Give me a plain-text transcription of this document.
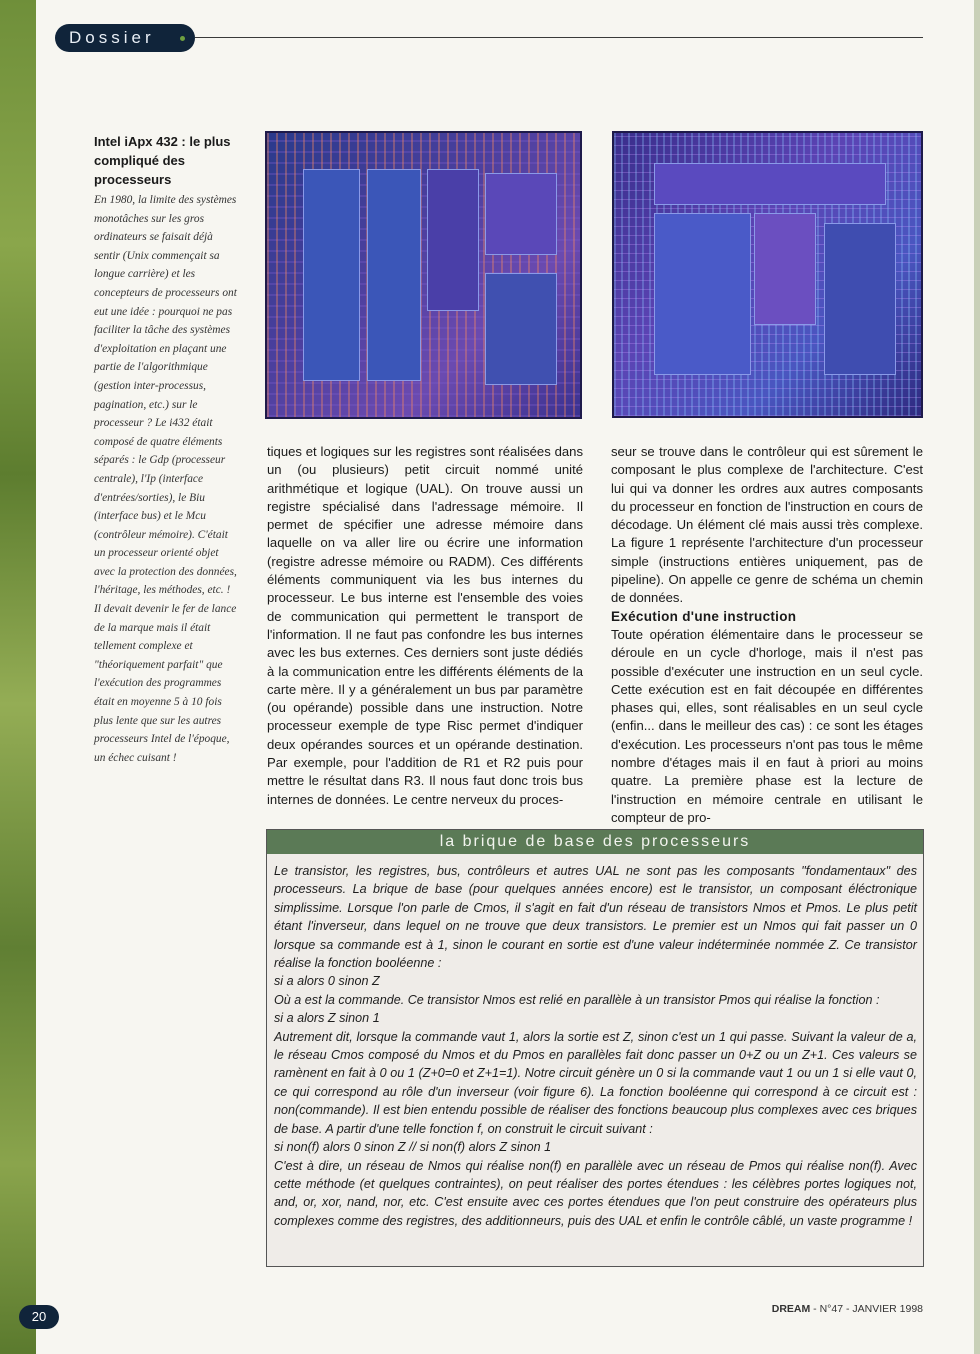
Dossier
Intel iApx 432 : le plus compliqué des processeurs

En 1980, la limite des systèmes monotâches sur les gros ordinateurs se faisait déjà sentir (Unix commençait sa longue carrière) et les concepteurs de processeurs ont eut une idée : pourquoi ne pas faciliter la tâche des systèmes d'exploitation en plaçant une partie de l'algorithmique (gestion inter-processus, pagination, etc.) sur le processeur ? Le i432 était composé de quatre éléments séparés : le Gdp (processeur centrale), l'Ip (interface d'entrées/sorties), le Biu (interface bus) et le Mcu (contrôleur mémoire). C'était un processeur orienté objet avec la protection des données, l'héritage, les méthodes, etc. ! Il devait devenir le fer de lance de la marque mais il était tellement complexe et "théoriquement parfait" que l'exécution des programmes était en moyenne 5 à 10 fois plus lente que sur les autres processeurs Intel de l'époque, un échec cuisant !

tiques et logiques sur les registres sont réalisées dans un (ou plusieurs) petit circuit nommé unité arithmétique et logique (UAL). On trouve aussi un registre spécialisé dans l'adressage mémoire. Il permet de spécifier une adresse mémoire dans laquelle on va aller lire ou écrire une information (registre adresse mémoire ou RADM). Ces différents éléments communiquent via les bus internes du processeur. Le bus interne est l'ensemble des voies de communication qui permettent le transport de l'information. Il ne faut pas confondre les bus internes avec les bus externes. Ces derniers sont juste dédiés à la communication entre les différents éléments de la carte mère. Il y a généralement un bus par paramètre (ou opérande) possible dans une instruction. Notre processeur exemple de type Risc permet d'indiquer deux opérandes sources et un opérande destination. Par exemple, pour l'addition de R1 et R2 puis pour mettre le résultat dans R3. Il nous faut donc trois bus internes de données. Le centre nerveux du proces-

seur se trouve dans le contrôleur qui est sûrement le composant le plus complexe de l'architecture. C'est lui qui va donner les ordres aux autres composants du processeur en fonction de l'instruction en cours de décodage. Un élément clé mais aussi très complexe. La figure 1 représente l'architecture d'un processeur simple (instructions entières uniquement, pas de pipeline). On appelle ce genre de schéma un chemin de données.

Exécution d'une instruction

Toute opération élémentaire dans le processeur se déroule en un cycle d'horloge, mais il n'est pas possible d'exécuter une instruction en un seul cycle. Cette exécution est en fait découpée en différentes phases qui, elles, sont réalisables en un seul cycle (enfin... dans le meilleur des cas) : ce sont les étages d'exécution. Les processeurs n'ont pas tous le même nombre d'étages mais il en faut à priori au moins quatre. La première phase est la lecture de l'instruction en mémoire centrale en utilisant le compteur de pro-

la brique de base des processeurs

Le transistor, les registres, bus, contrôleurs et autres UAL ne sont pas les composants "fondamentaux" des processeurs. La brique de base (pour quelques années encore) est le transistor, un composant éléctronique simplissime. Lorsque l'on parle de Cmos, il s'agit en fait d'un réseau de transistors Nmos et Pmos. Le plus petit étant l'inverseur, dans lequel on ne trouve que deux transistors. Le premier est un Nmos qui fait passer un 0 lorsque sa commande est à 1, sinon le courant en sortie est d'une valeur indéterminée nommée Z. Ce transistor réalise la fonction booléenne :

si a alors 0 sinon Z

Où a est la commande. Ce transistor Nmos est relié en parallèle à un transistor Pmos qui réalise la fonction :

si a alors Z sinon 1

Autrement dit, lorsque la commande vaut 1, alors la sortie est Z, sinon c'est un 1 qui passe. Suivant la valeur de a, le réseau Cmos composé du Nmos et du Pmos en parallèles fait donc passer un 0+Z ou un Z+1. Ces valeurs se ramènent en fait à 0 ou 1 (Z+0=0 et Z+1=1). Notre circuit génère un 0 si la commande vaut 1 ou un 1 si elle vaut 0, ce qui correspond au rôle d'un inverseur (voir figure 6). La fonction booléenne qui correspond à ce circuit est : non(commande). Il est bien entendu possible de réaliser des fonctions beaucoup plus complexes avec ces briques de base. A partir d'une telle fonction f, on construit le circuit suivant :

si non(f) alors 0 sinon Z // si non(f) alors Z sinon 1

C'est à dire, un réseau de Nmos qui réalise non(f) en parallèle avec un réseau de Pmos qui réalise non(f). Avec cette méthode (et quelques contraintes), on peut réaliser des portes étendues : les célèbres portes logiques not, and, or, xor, nand, nor, etc. C'est ensuite avec ces portes étendues que l'on peut construire des opérateurs plus complexes comme des registres, des additionneurs, puis des UAL et enfin le contrôle câblé, un vaste programme !

20	DREAM - N°47 - JANVIER 1998
